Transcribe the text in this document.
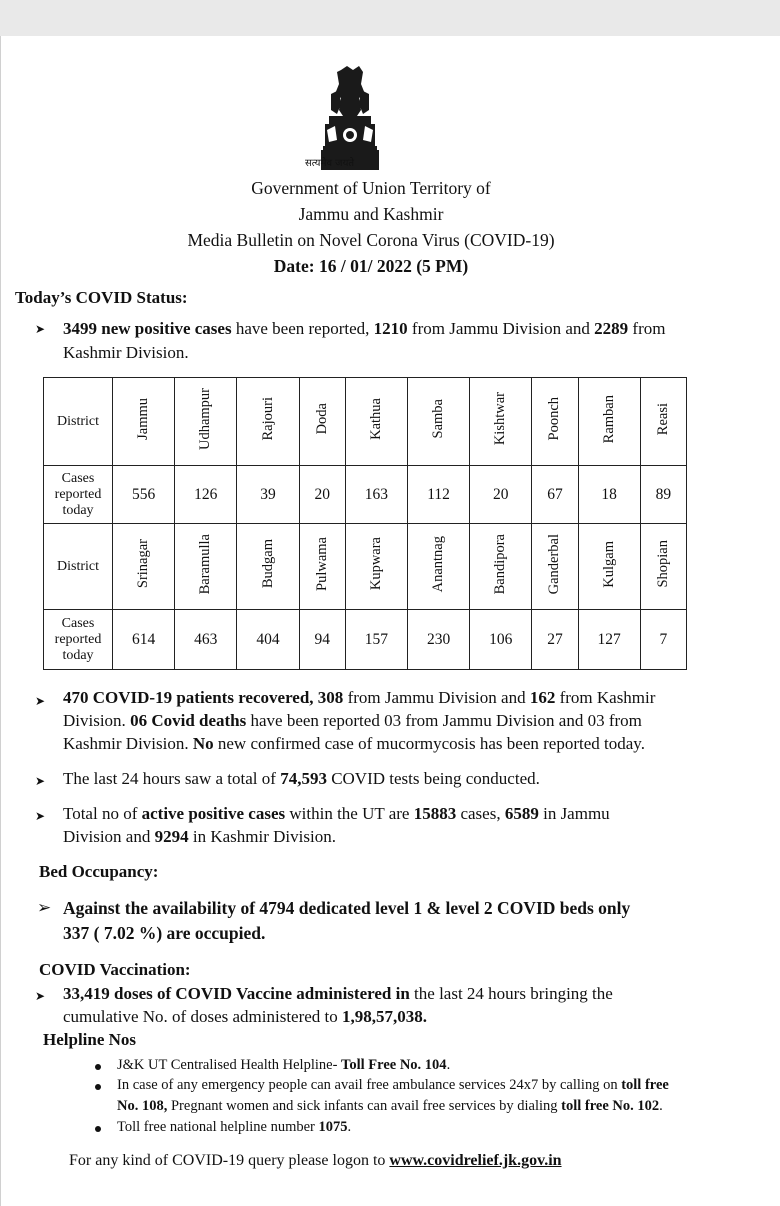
सत्यमेव जयते
Government of Union Territory of
Jammu and Kashmir
Media Bulletin on Novel Corona Virus (COVID-19)
Date: 16 / 01/ 2022 (5 PM)
Today’s COVID Status:
➤ 3499 new positive cases have been reported, 1210 from Jammu Division and 2289 from
Kashmir Division.
District	Jammu	Udhampur	Rajouri	Doda	Kathua	Samba	Kishtwar	Poonch	Ramban	Reasi
Cases
reported
today	556	126	39	20	163	112	20	67	18	89
District	Srinagar	Baramulla	Budgam	Pulwama	Kupwara	Anantnag	Bandipora	Ganderbal	Kulgam	Shopian
Cases
reported
today	614	463	404	94	157	230	106	27	127	7
➤ 470 COVID-19 patients recovered, 308 from Jammu Division and 162 from Kashmir
Division. 06 Covid deaths have been reported 03 from Jammu Division and 03 from
Kashmir Division. No new confirmed case of mucormycosis has been reported today.
➤ The last 24 hours saw a total of 74,593 COVID tests being conducted.
➤ Total no of active positive cases within the UT are 15883 cases, 6589 in Jammu
Division and 9294 in Kashmir Division.
Bed Occupancy:
➢ Against the availability of 4794 dedicated level 1 & level 2 COVID beds only
337 ( 7.02 %) are occupied.
COVID Vaccination:
➤ 33,419 doses of COVID Vaccine administered in the last 24 hours bringing the
cumulative No. of doses administered to 1,98,57,038.
Helpline Nos
J&K UT Centralised Health Helpline- Toll Free No. 104.
In case of any emergency people can avail free ambulance services 24x7 by calling on toll free
No. 108, Pregnant women and sick infants can avail free services by dialing toll free No. 102.
Toll free national helpline number 1075.
For any kind of COVID-19 query please logon to www.covidrelief.jk.gov.in
